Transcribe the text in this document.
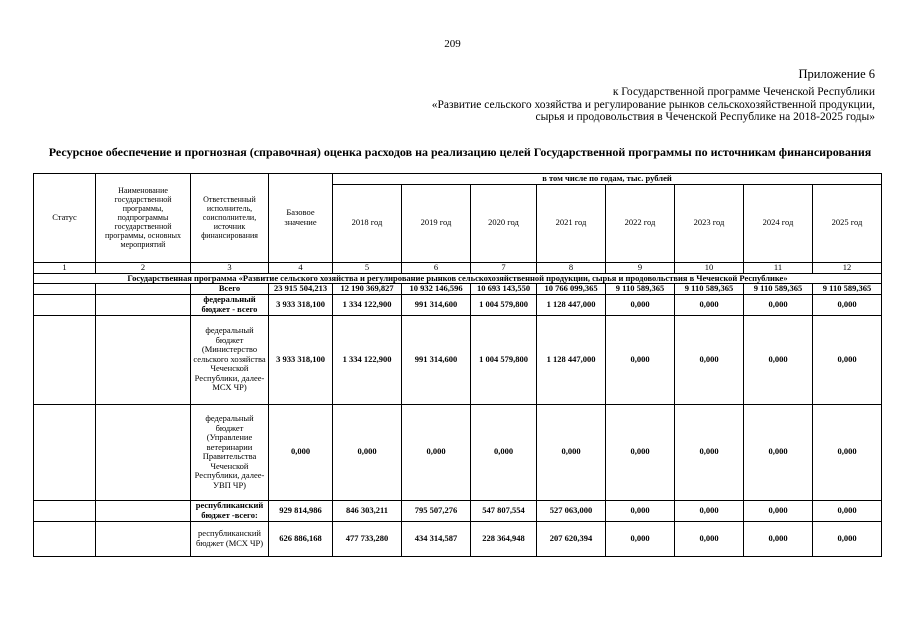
209
Приложение 6
к Государственной программе Чеченской Республики
«Развитие сельского хозяйства и регулирование рынков сельскохозяйственной продукции,
сырья и продовольствия в Чеченской Республике на 2018-2025 годы»
Ресурсное обеспечение и прогнозная (справочная) оценка расходов на реализацию целей Государственной программы по источникам финансирования
Статус	Наименование государственной программы, подпрограммы государственной программы, основных мероприятий	Ответственный исполнитель, соисполнители, источник финансирования	Базовое значение	в том числе по годам, тыс. рублей							
				2018 год	2019 год	2020 год	2021 год	2022 год	2023 год	2024 год	2025 год
1	2	3	4	5	6	7	8	9	10	11	12
Государственная программа «Развитие сельского хозяйства и регулирование рынков сельскохозяйственной продукции, сырья и продовольствия в Чеченской Республике»											
		Всего	23 915 504,213	12 190 369,827	10 932 146,596	10 693 143,550	10 766 099,365	9 110 589,365	9 110 589,365	9 110 589,365	9 110 589,365
		федеральный бюджет - всего	3 933 318,100	1 334 122,900	991 314,600	1 004 579,800	1 128 447,000	0,000	0,000	0,000	0,000
		федеральный бюджет (Министерство сельского хозяйства Чеченской Республики, далее-МСХ ЧР)	3 933 318,100	1 334 122,900	991 314,600	1 004 579,800	1 128 447,000	0,000	0,000	0,000	0,000
		федеральный бюджет (Управление ветеринарии Правительства Чеченской Республики, далее-УВП ЧР)	0,000	0,000	0,000	0,000	0,000	0,000	0,000	0,000	0,000
		республиканский бюджет -всего:	929 814,986	846 303,211	795 507,276	547 807,554	527 063,000	0,000	0,000	0,000	0,000
		республиканский бюджет (МСХ ЧР)	626 886,168	477 733,280	434 314,587	228 364,948	207 620,394	0,000	0,000	0,000	0,000
